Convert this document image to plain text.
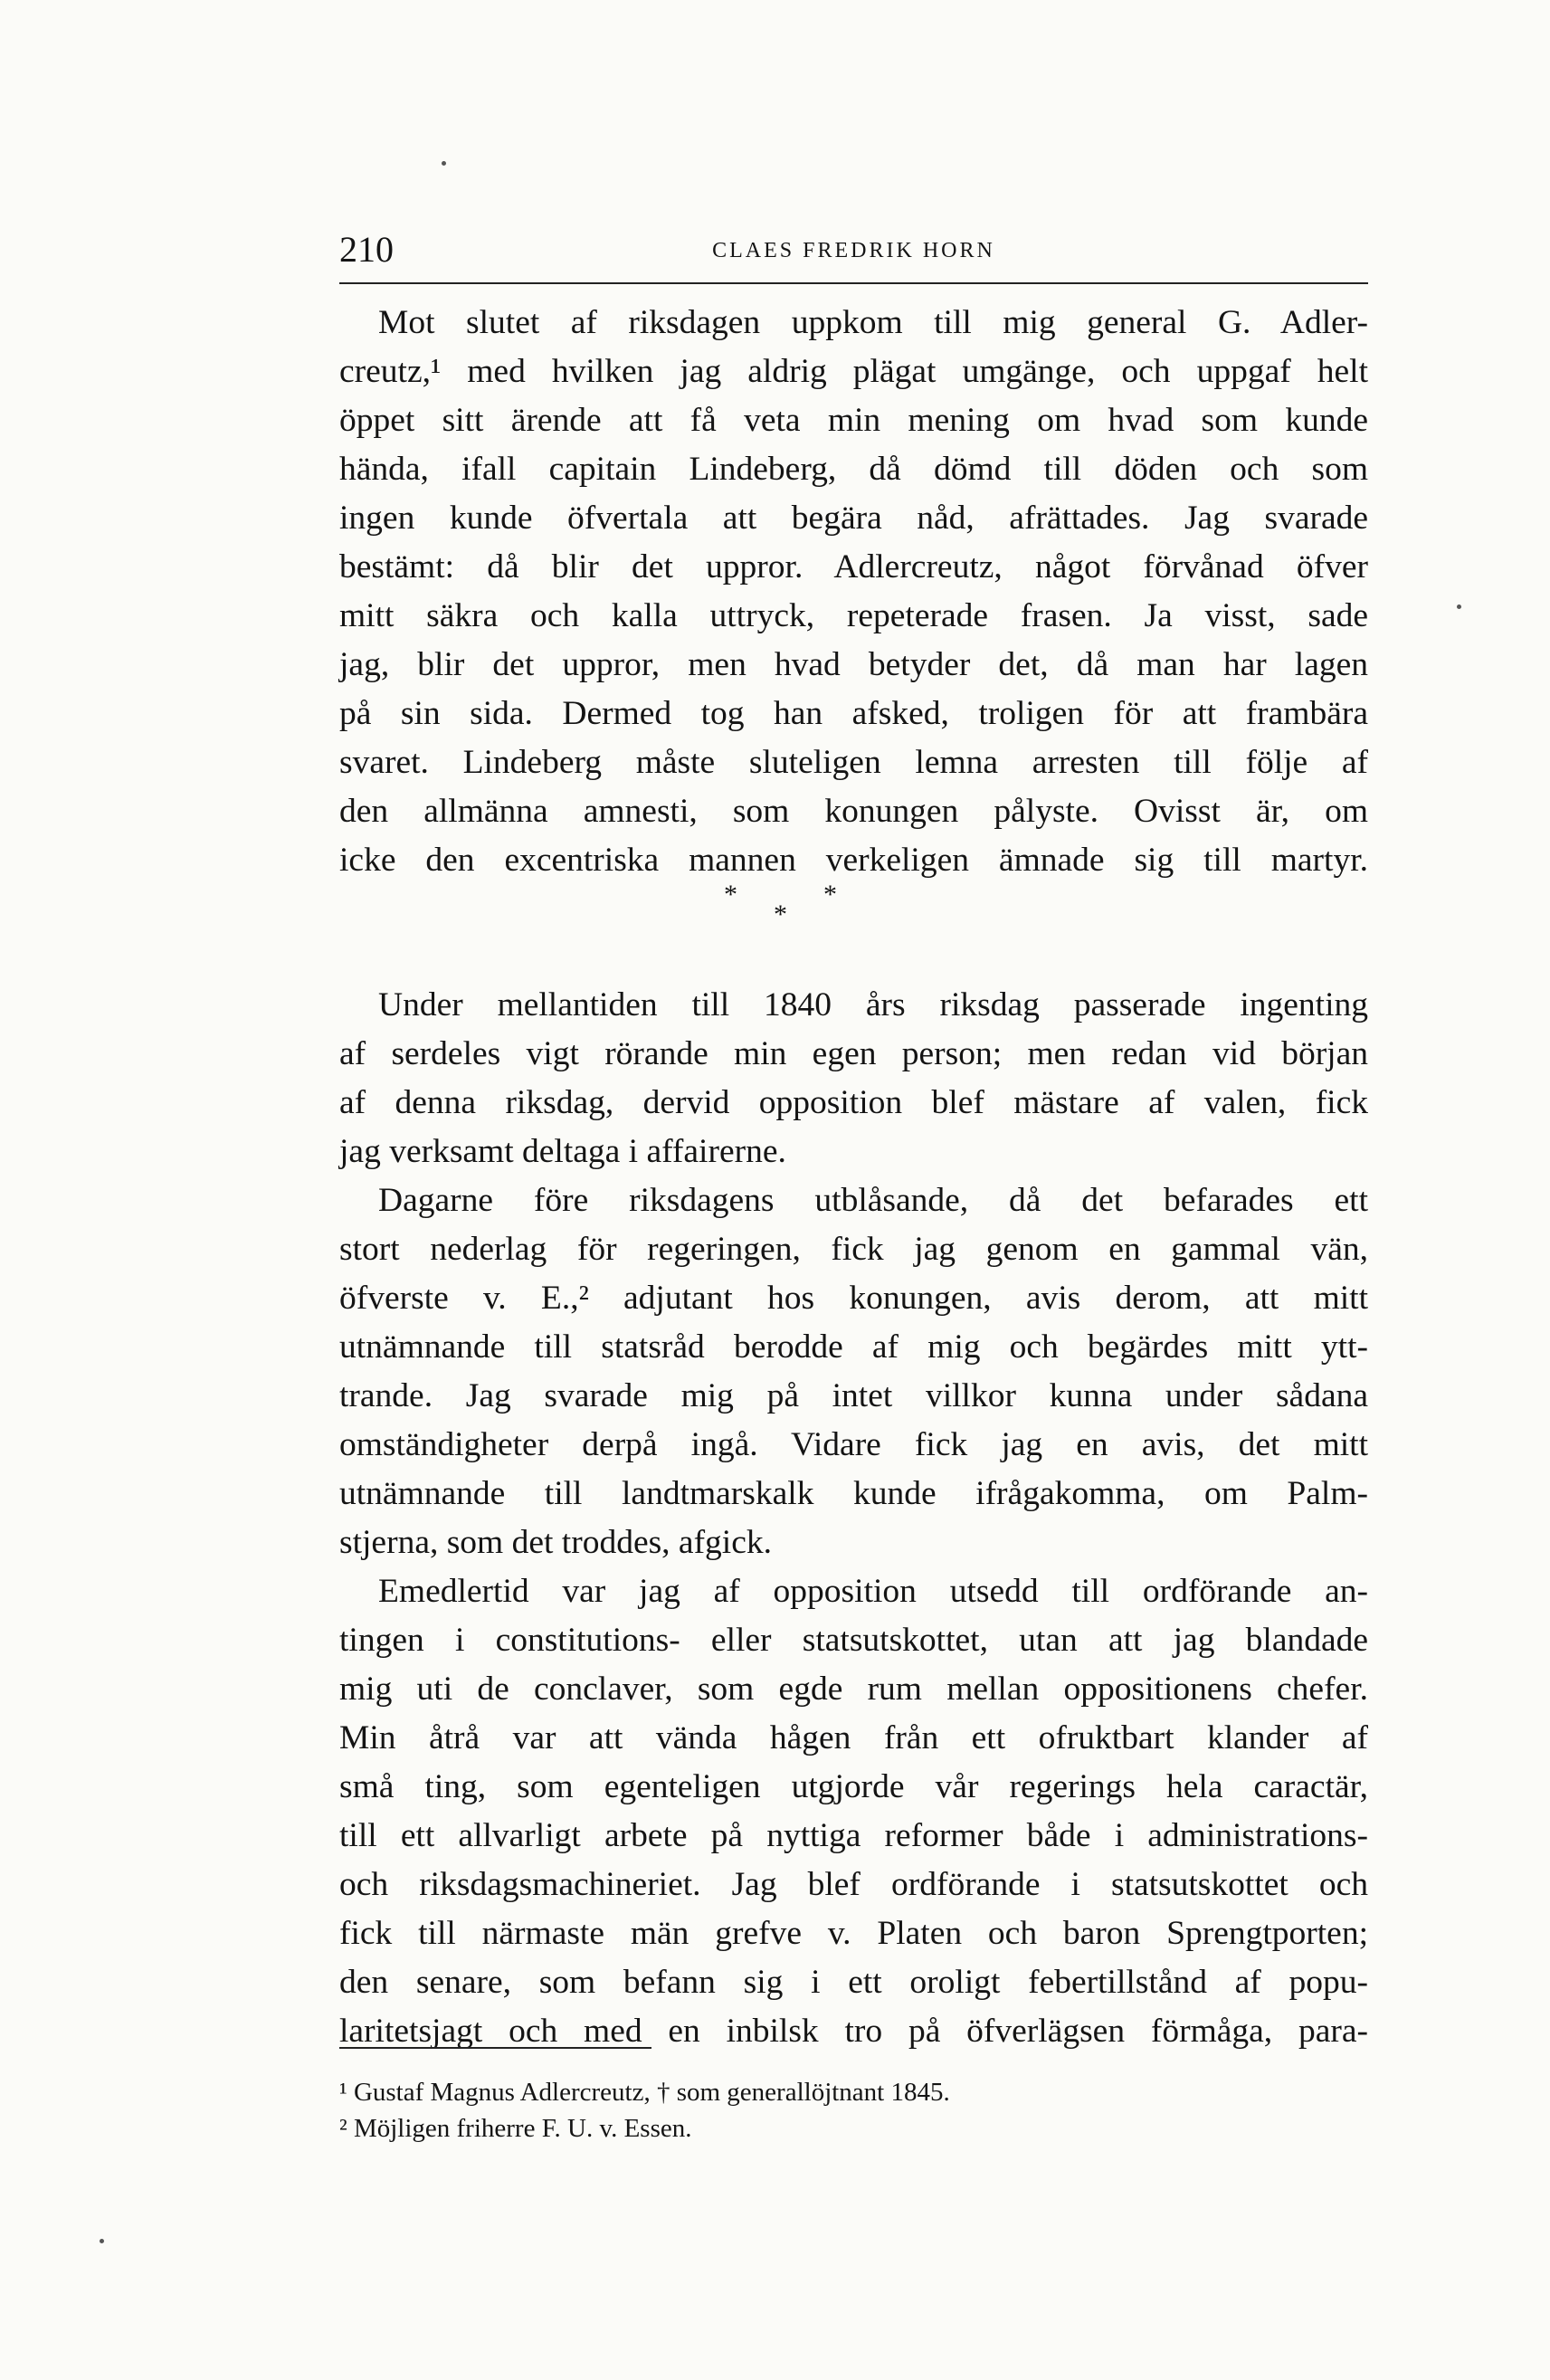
210	CLAES FREDRIK HORN
Mot slutet af riksdagen uppkom till mig general G. Adler-
creutz,¹ med hvilken jag aldrig plägat umgänge, och uppgaf helt
öppet sitt ärende att få veta min mening om hvad som kunde
hända, ifall capitain Lindeberg, då dömd till döden och som
ingen kunde öfvertala att begära nåd, afrättades. Jag svarade
bestämt: då blir det uppror. Adlercreutz, något förvånad öfver
mitt säkra och kalla uttryck, repeterade frasen. Ja visst, sade
jag, blir det uppror, men hvad betyder det, då man har lagen
på sin sida. Dermed tog han afsked, troligen för att frambära
svaret. Lindeberg måste sluteligen lemna arresten till följe af
den allmänna amnesti, som konungen pålyste. Ovisst är, om
icke den excentriska mannen verkeligen ämnade sig till martyr.
Under mellantiden till 1840 års riksdag passerade ingenting
af serdeles vigt rörande min egen person; men redan vid början
af denna riksdag, dervid opposition blef mästare af valen, fick
jag verksamt deltaga i affairerne.
Dagarne före riksdagens utblåsande, då det befarades ett
stort nederlag för regeringen, fick jag genom en gammal vän,
öfverste v. E.,² adjutant hos konungen, avis derom, att mitt
utnämnande till statsråd berodde af mig och begärdes mitt ytt-
trande. Jag svarade mig på intet villkor kunna under sådana
omständigheter derpå ingå. Vidare fick jag en avis, det mitt
utnämnande till landtmarskalk kunde ifrågakomma, om Palm-
stjerna, som det troddes, afgick.
Emedlertid var jag af opposition utsedd till ordförande an-
tingen i constitutions- eller statsutskottet, utan att jag blandade
mig uti de conclaver, som egde rum mellan oppositionens chefer.
Min åtrå var att vända hågen från ett ofruktbart klander af
små ting, som egenteligen utgjorde vår regerings hela caractär,
till ett allvarligt arbete på nyttiga reformer både i administrations-
och riksdagsmachineriet. Jag blef ordförande i statsutskottet och
fick till närmaste män grefve v. Platen och baron Sprengtporten;
den senare, som befann sig i ett oroligt febertillstånd af popu-
laritetsjagt och med en inbilsk tro på öfverlägsen förmåga, para-
*	*
*
¹ Gustaf Magnus Adlercreutz, † som generallöjtnant 1845.
² Möjligen friherre F. U. v. Essen.
